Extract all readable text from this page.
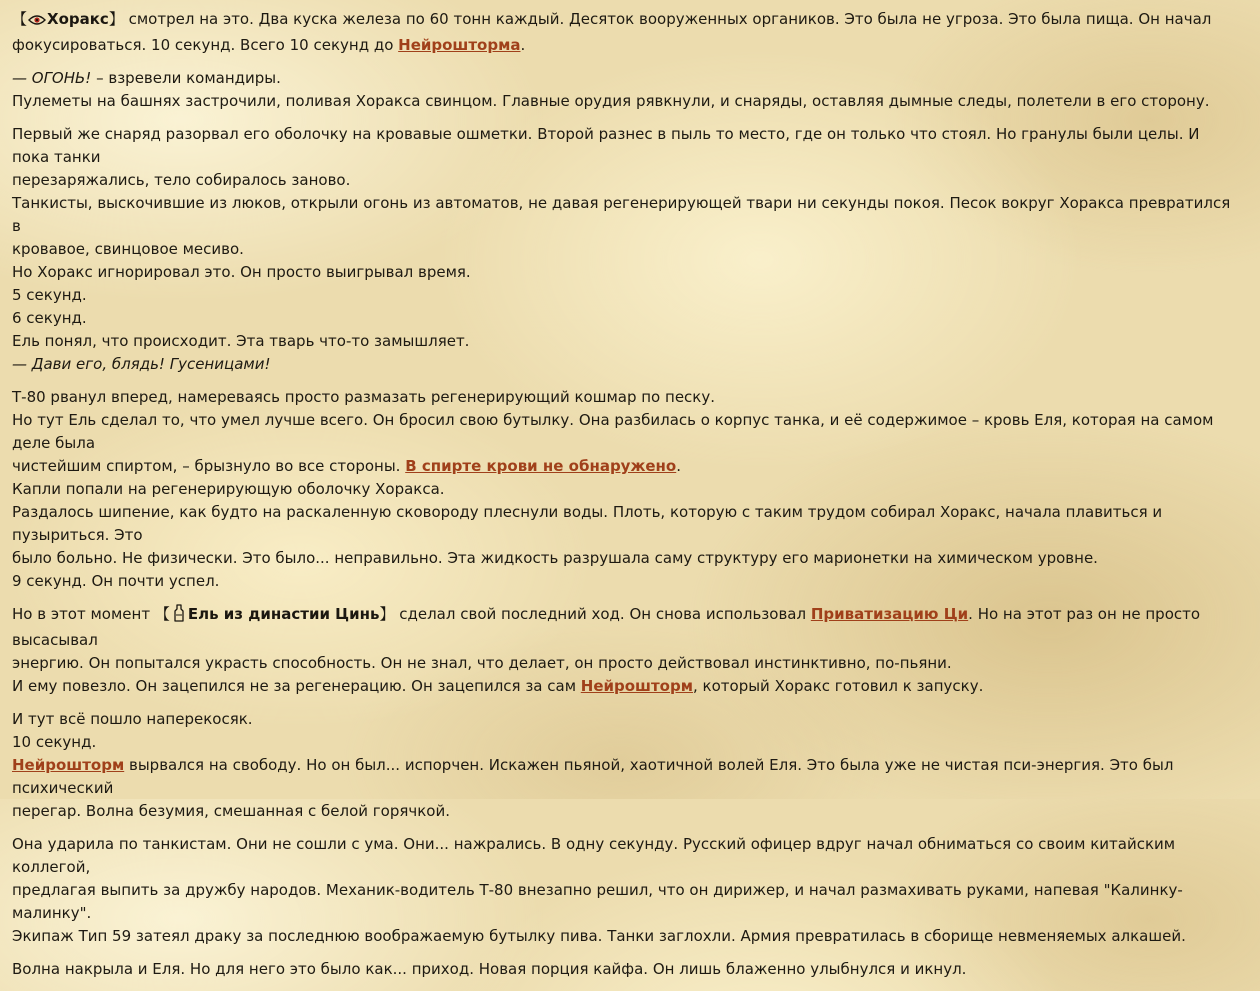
【 Хоракс】 смотрел на это. Два куска железа по 60 тонн каждый. Десяток вооруженных органиков. Это была не угроза. Это была пища. Он начал
фокусироваться. 10 секунд. Всего 10 секунд до Нейрошторма.
— ОГОНЬ! – взревели командиры.
Пулеметы на башнях застрочили, поливая Хоракса свинцом. Главные орудия рявкнули, и снаряды, оставляя дымные следы, полетели в его сторону.
Первый же снаряд разорвал его оболочку на кровавые ошметки. Второй разнес в пыль то место, где он только что стоял. Но гранулы были целы. И пока танки
перезаряжались, тело собиралось заново.
Танкисты, выскочившие из люков, открыли огонь из автоматов, не давая регенерирующей твари ни секунды покоя. Песок вокруг Хоракса превратился в
кровавое, свинцовое месиво.
Но Хоракс игнорировал это. Он просто выигрывал время.
5 секунд.
6 секунд.
Ель понял, что происходит. Эта тварь что-то замышляет.
— Дави его, блядь! Гусеницами!
Т-80 рванул вперед, намереваясь просто размазать регенерирующий кошмар по песку.
Но тут Ель сделал то, что умел лучше всего. Он бросил свою бутылку. Она разбилась о корпус танка, и её содержимое – кровь Еля, которая на самом деле была
чистейшим спиртом, – брызнуло во все стороны. В спирте крови не обнаружено.
Капли попали на регенерирующую оболочку Хоракса.
Раздалось шипение, как будто на раскаленную сковороду плеснули воды. Плоть, которую с таким трудом собирал Хоракс, начала плавиться и пузыриться. Это
было больно. Не физически. Это было... неправильно. Эта жидкость разрушала саму структуру его марионетки на химическом уровне.
9 секунд. Он почти успел.
Но в этот момент 【 Ель из династии Цинь】 сделал свой последний ход. Он снова использовал Приватизацию Ци. Но на этот раз он не просто высасывал
энергию. Он попытался украсть способность. Он не знал, что делает, он просто действовал инстинктивно, по-пьяни.
И ему повезло. Он зацепился не за регенерацию. Он зацепился за сам Нейрошторм, который Хоракс готовил к запуску.
И тут всё пошло наперекосяк.
10 секунд.
Нейрошторм вырвался на свободу. Но он был... испорчен. Искажен пьяной, хаотичной волей Еля. Это была уже не чистая пси-энергия. Это был психический
перегар. Волна безумия, смешанная с белой горячкой.
Она ударила по танкистам. Они не сошли с ума. Они... нажрались. В одну секунду. Русский офицер вдруг начал обниматься со своим китайским коллегой,
предлагая выпить за дружбу народов. Механик-водитель Т-80 внезапно решил, что он дирижер, и начал размахивать руками, напевая "Калинку-малинку".
Экипаж Тип 59 затеял драку за последнюю воображаемую бутылку пива. Танки заглохли. Армия превратилась в сборище невменяемых алкашей.
Волна накрыла и Еля. Но для него это было как... приход. Новая порция кайфа. Он лишь блаженно улыбнулся и икнул.
